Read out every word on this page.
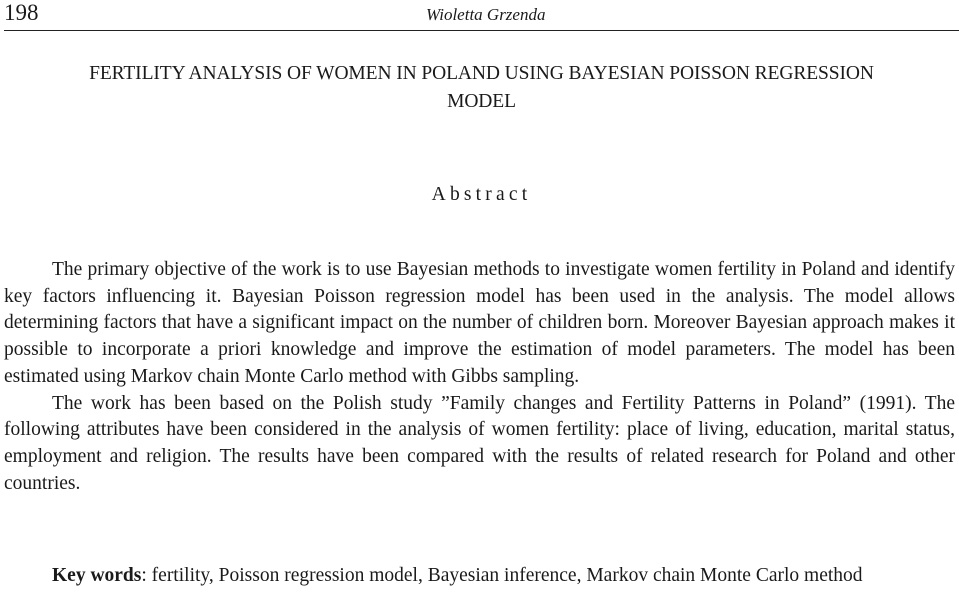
198	Wioletta Grzenda
FERTILITY ANALYSIS OF WOMEN IN POLAND USING BAYESIAN POISSON REGRESSION
MODEL
Abstract

The primary objective of the work is to use Bayesian methods to investigate women fertility in Poland and identify key factors influencing it. Bayesian Poisson regression model has been used in the analysis. The model allows determining factors that have a significant impact on the number of children born. Moreover Bayesian approach makes it possible to incorporate a priori knowledge and improve the estimation of model parameters. The model has been estimated using Markov chain Monte Carlo method with Gibbs sampling.

The work has been based on the Polish study ”Family changes and Fertility Patterns in Poland” (1991). The following attributes have been considered in the analysis of women fertility: place of living, education, marital status, employment and religion. The results have been compared with the results of related research for Poland and other countries.

Key words: fertility, Poisson regression model, Bayesian inference, Markov chain Monte Carlo method
